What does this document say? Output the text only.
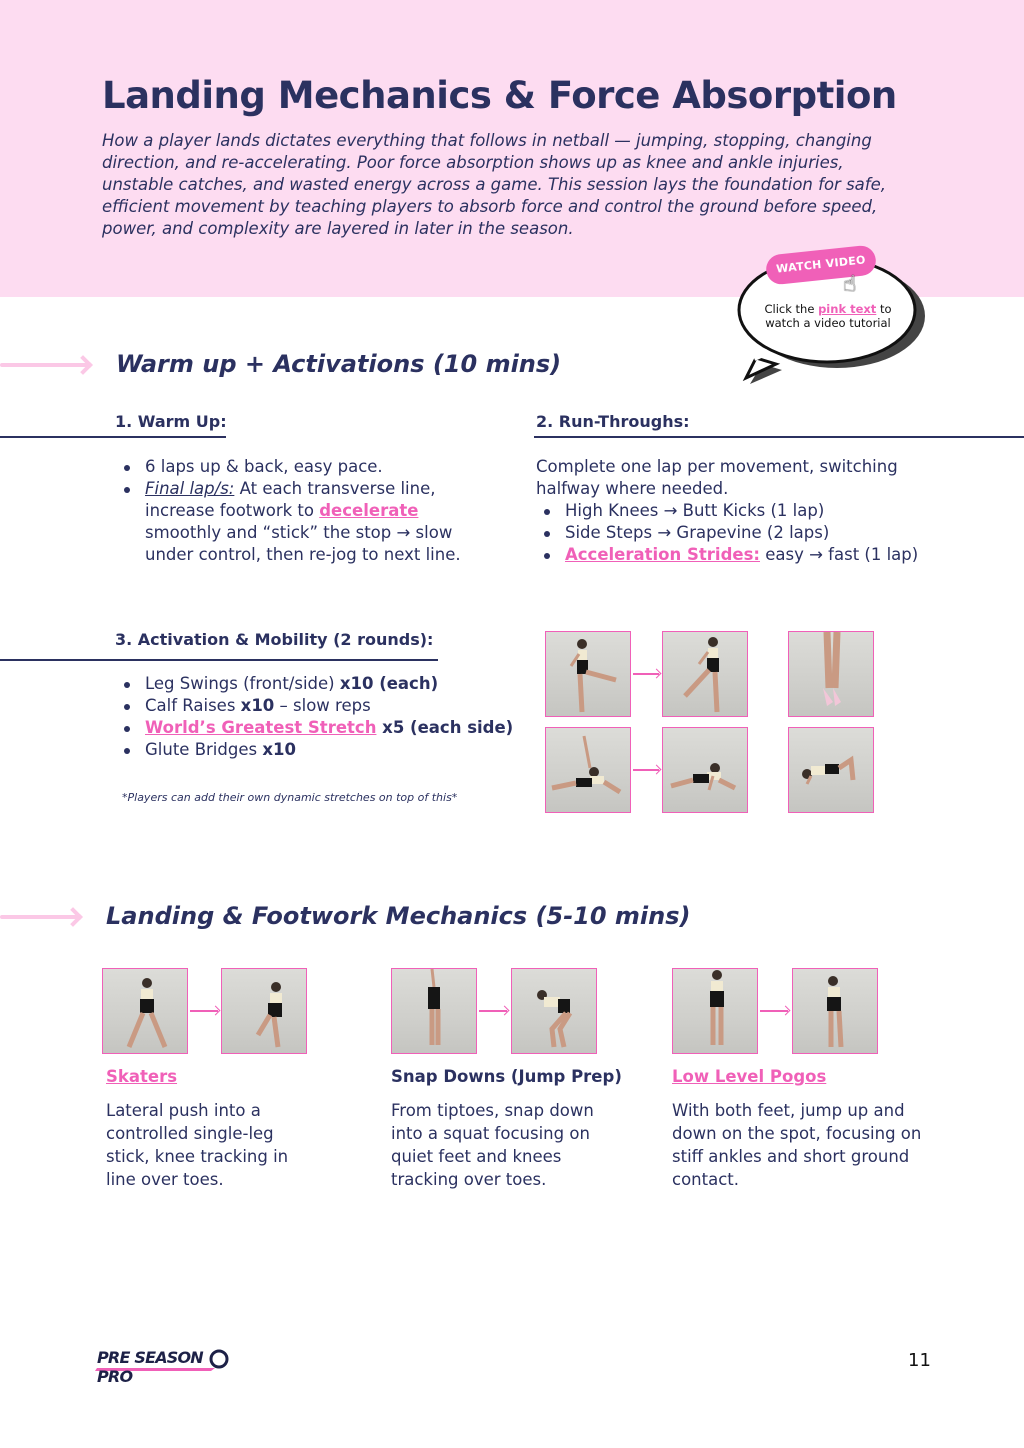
Landing Mechanics & Force Absorption

How a player lands dictates everything that follows in netball — jumping, stopping, changing direction, and re-accelerating. Poor force absorption shows up as knee and ankle injuries, unstable catches, and wasted energy across a game. This session lays the foundation for safe, efficient movement by teaching players to absorb force and control the ground before speed, power, and complexity are layered in later in the season.

WATCH VIDEO
☝
Click the pink text to watch a video tutorial
Warm up + Activations (10 mins)
1. Warm Up:
6 laps up & back, easy pace.
Final lap/s: At each transverse line, increase footwork to decelerate smoothly and “stick” the stop → slow under control, then re-jog to next line.
2. Run-Throughs:
Complete one lap per movement, switching halfway where needed.
High Knees → Butt Kicks (1 lap)
Side Steps → Grapevine (2 laps)
Acceleration Strides: easy → fast (1 lap)
3. Activation & Mobility (2 rounds):
Leg Swings (front/side) x10 (each)
Calf Raises x10 – slow reps
World’s Greatest Stretch x5 (each side)
Glute Bridges x10
*Players can add their own dynamic stretches on top of this*
Landing & Footwork Mechanics (5-10 mins)
Skaters
Lateral push into a controlled single-leg stick, knee tracking in line over toes.
Snap Downs (Jump Prep)
From tiptoes, snap down into a squat focusing on quiet feet and knees tracking over toes.
Low Level Pogos
With both feet, jump up and down on the spot, focusing on stiff ankles and short ground contact.
PRE SEASON PRO
11
